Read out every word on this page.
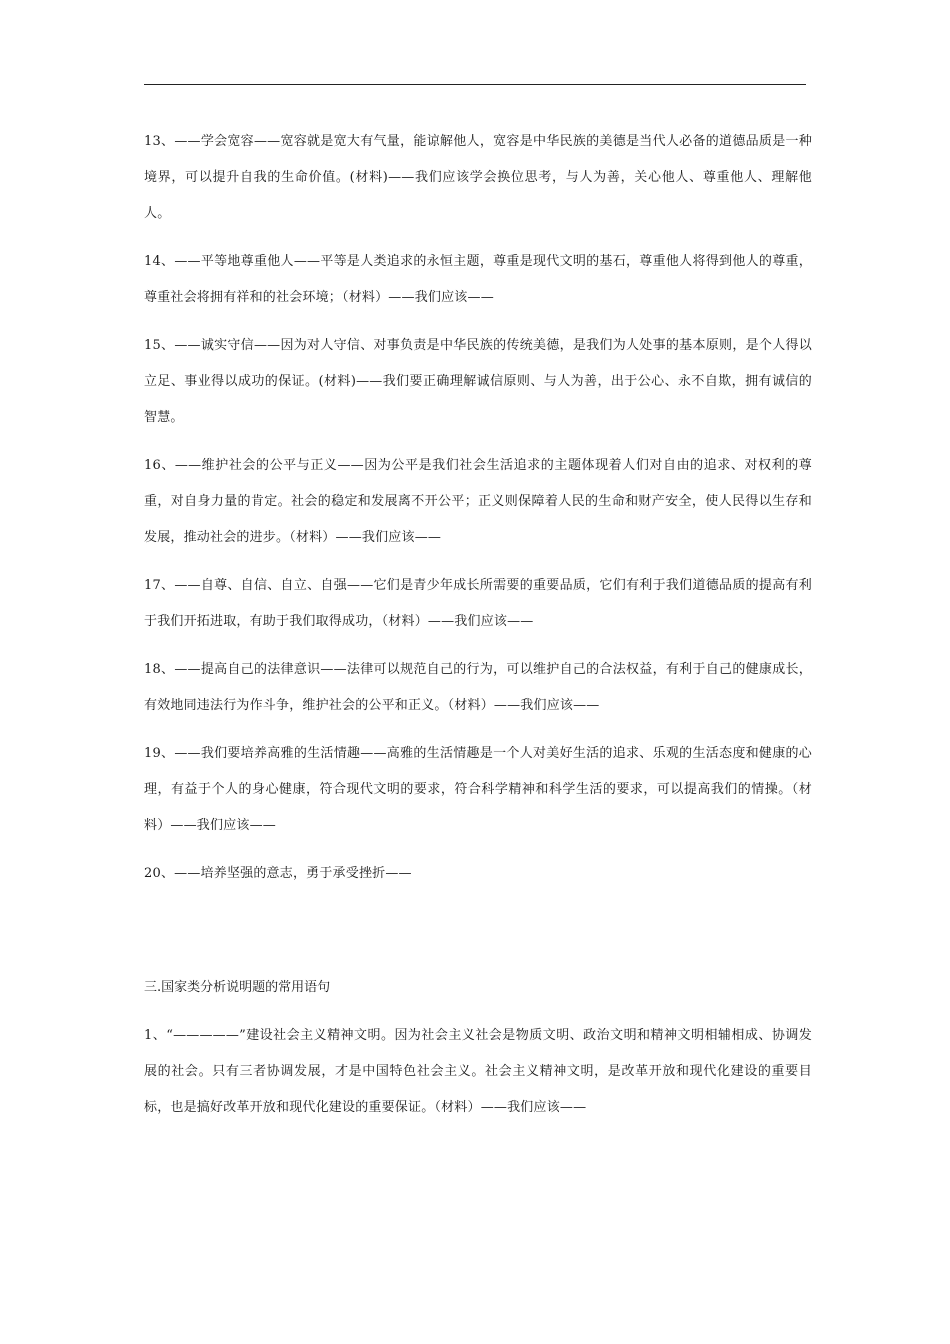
13、——学会宽容——宽容就是宽大有气量，能谅解他人，宽容是中华民族的美德是当代人必备的道德品质是一种境界，可以提升自我的生命价值。(材料)——我们应该学会换位思考，与人为善，关心他人、尊重他人、理解他人。

14、——平等地尊重他人——平等是人类追求的永恒主题，尊重是现代文明的基石，尊重他人将得到他人的尊重，尊重社会将拥有祥和的社会环境；（材料）——我们应该——

15、——诚实守信——因为对人守信、对事负责是中华民族的传统美德，是我们为人处事的基本原则，是个人得以立足、事业得以成功的保证。(材料)——我们要正确理解诚信原则、与人为善，出于公心、永不自欺，拥有诚信的智慧。

16、——维护社会的公平与正义——因为公平是我们社会生活追求的主题体现着人们对自由的追求、对权利的尊重，对自身力量的肯定。社会的稳定和发展离不开公平；正义则保障着人民的生命和财产安全，使人民得以生存和发展，推动社会的进步。（材料）——我们应该——

17、——自尊、自信、自立、自强——它们是青少年成长所需要的重要品质，它们有利于我们道德品质的提高有利于我们开拓进取，有助于我们取得成功，（材料）——我们应该——

18、——提高自己的法律意识——法律可以规范自己的行为，可以维护自己的合法权益，有利于自己的健康成长，有效地同违法行为作斗争，维护社会的公平和正义。（材料）——我们应该——

19、——我们要培养高雅的生活情趣——高雅的生活情趣是一个人对美好生活的追求、乐观的生活态度和健康的心理，有益于个人的身心健康，符合现代文明的要求，符合科学精神和科学生活的要求，可以提高我们的情操。（材料）——我们应该——

20、——培养坚强的意志，勇于承受挫折——

三.国家类分析说明题的常用语句

1、“—————”建设社会主义精神文明。因为社会主义社会是物质文明、政治文明和精神文明相辅相成、协调发展的社会。只有三者协调发展，才是中国特色社会主义。社会主义精神文明，是改革开放和现代化建设的重要目标，也是搞好改革开放和现代化建设的重要保证。（材料）——我们应该——
